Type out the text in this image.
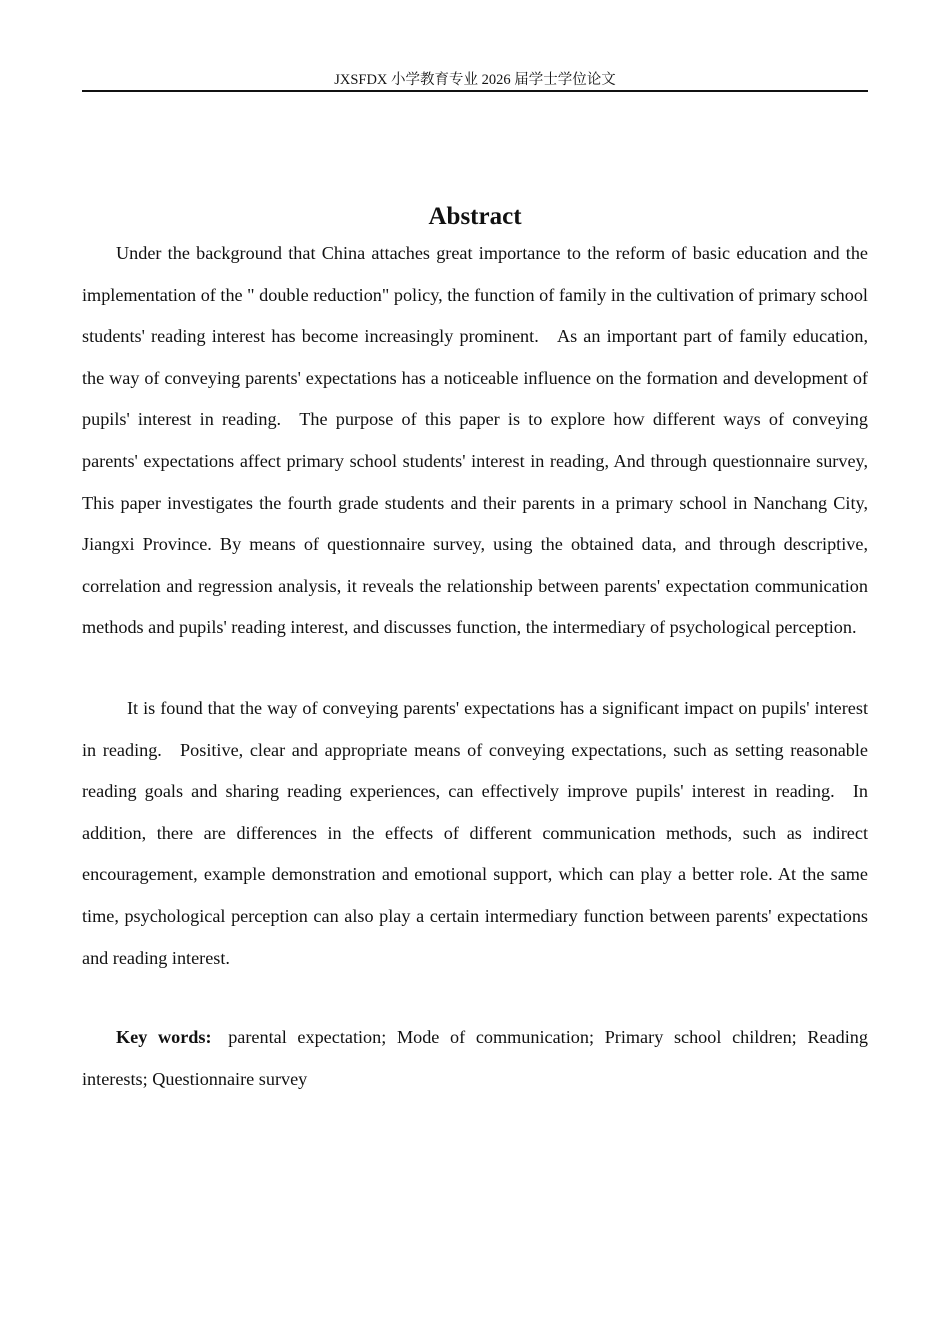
JXSFDX 小学教育专业 2026 届学士学位论文
Abstract

Under the background that China attaches great importance to the reform of basic education and the implementation of the " double reduction" policy, the function of family in the cultivation of primary school students' reading interest has become increasingly prominent. As an important part of family education, the way of conveying parents' expectations has a noticeable influence on the formation and development of pupils' interest in reading. The purpose of this paper is to explore how different ways of conveying parents' expectations affect primary school students' interest in reading, And through questionnaire survey, This paper investigates the fourth grade students and their parents in a primary school in Nanchang City, Jiangxi Province. By means of questionnaire survey, using the obtained data, and through descriptive, correlation and regression analysis, it reveals the relationship between parents' expectation communication methods and pupils' reading interest, and discusses function, the intermediary of psychological perception.

It is found that the way of conveying parents' expectations has a significant impact on pupils' interest in reading. Positive, clear and appropriate means of conveying expectations, such as setting reasonable reading goals and sharing reading experiences, can effectively improve pupils' interest in reading. In addition, there are differences in the effects of different communication methods, such as indirect encouragement, example demonstration and emotional support, which can play a better role. At the same time, psychological perception can also play a certain intermediary function between parents' expectations and reading interest.

Key words: parental expectation; Mode of communication; Primary school children; Reading interests; Questionnaire survey
